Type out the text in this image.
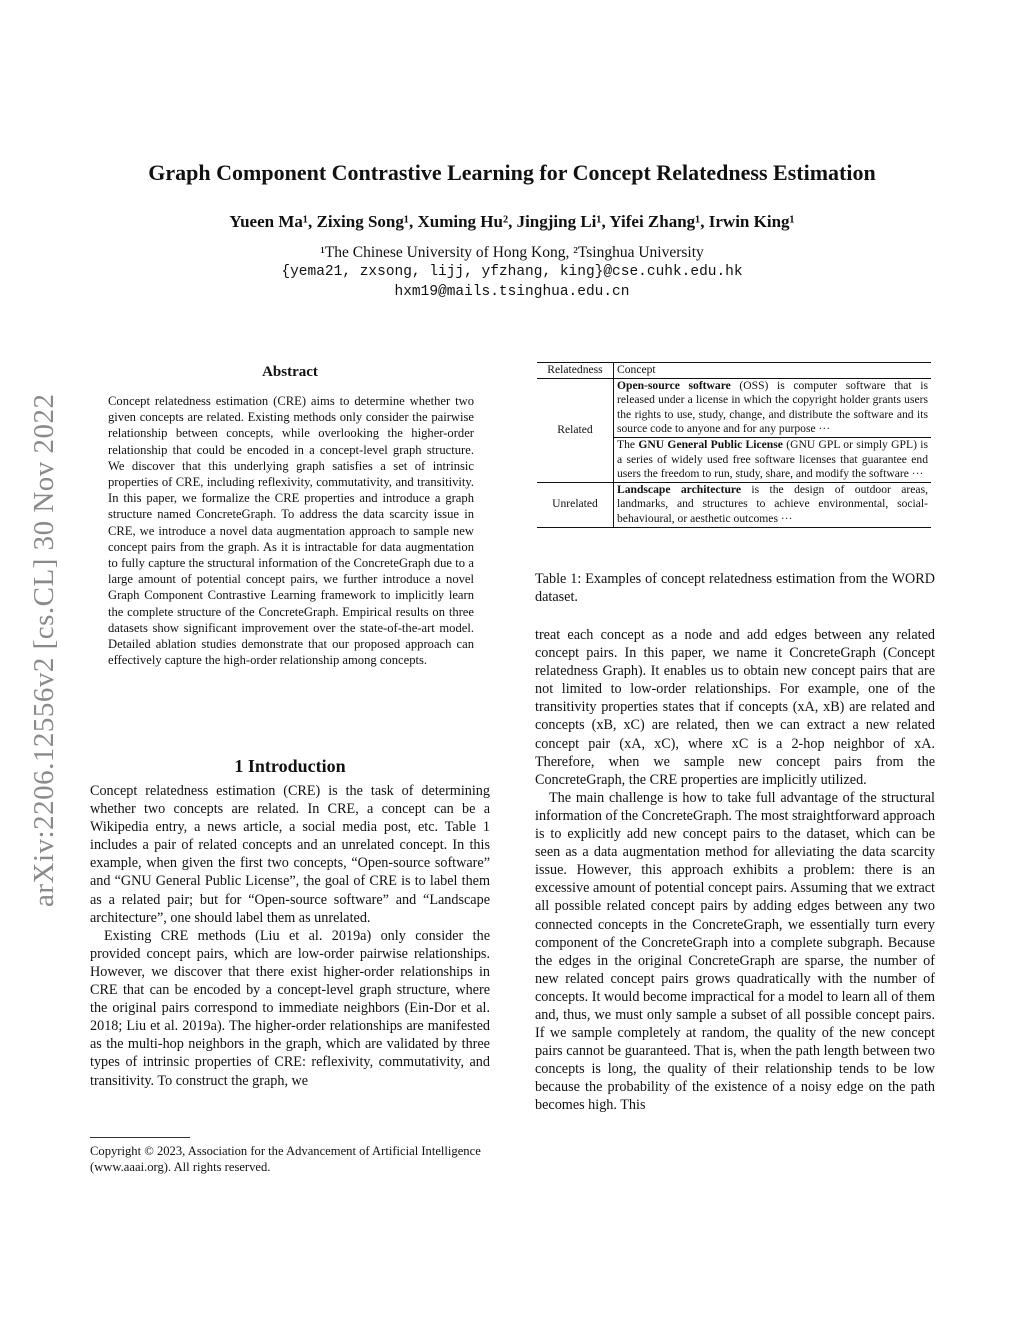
arXiv:2206.12556v2 [cs.CL] 30 Nov 2022
Graph Component Contrastive Learning for Concept Relatedness Estimation
Yueen Ma¹, Zixing Song¹, Xuming Hu², Jingjing Li¹, Yifei Zhang¹, Irwin King¹
¹The Chinese University of Hong Kong, ²Tsinghua University
{yema21, zxsong, lijj, yfzhang, king}@cse.cuhk.edu.hk
hxm19@mails.tsinghua.edu.cn
Abstract
Concept relatedness estimation (CRE) aims to determine whether two given concepts are related. Existing methods only consider the pairwise relationship between concepts, while overlooking the higher-order relationship that could be encoded in a concept-level graph structure. We discover that this underlying graph satisfies a set of intrinsic properties of CRE, including reflexivity, commutativity, and transitivity. In this paper, we formalize the CRE properties and introduce a graph structure named ConcreteGraph. To address the data scarcity issue in CRE, we introduce a novel data augmentation approach to sample new concept pairs from the graph. As it is intractable for data augmentation to fully capture the structural information of the ConcreteGraph due to a large amount of potential concept pairs, we further introduce a novel Graph Component Contrastive Learning framework to implicitly learn the complete structure of the ConcreteGraph. Empirical results on three datasets show significant improvement over the state-of-the-art model. Detailed ablation studies demonstrate that our proposed approach can effectively capture the high-order relationship among concepts.
1 Introduction

Concept relatedness estimation (CRE) is the task of determining whether two concepts are related. In CRE, a concept can be a Wikipedia entry, a news article, a social media post, etc. Table 1 includes a pair of related concepts and an unrelated concept. In this example, when given the first two concepts, “Open-source software” and “GNU General Public License”, the goal of CRE is to label them as a related pair; but for “Open-source software” and “Landscape architecture”, one should label them as unrelated.

Existing CRE methods (Liu et al. 2019a) only consider the provided concept pairs, which are low-order pairwise relationships. However, we discover that there exist higher-order relationships in CRE that can be encoded by a concept-level graph structure, where the original pairs correspond to immediate neighbors (Ein-Dor et al. 2018; Liu et al. 2019a). The higher-order relationships are manifested as the multi-hop neighbors in the graph, which are validated by three types of intrinsic properties of CRE: reflexivity, commutativity, and transitivity. To construct the graph, we

Copyright © 2023, Association for the Advancement of Artificial Intelligence (www.aaai.org). All rights reserved.
Relatedness	Concept
Related	Open-source software (OSS) is computer software that is released under a license in which the copyright holder grants users the rights to use, study, change, and distribute the software and its source code to anyone and for any purpose ···
	The GNU General Public License (GNU GPL or simply GPL) is a series of widely used free software licenses that guarantee end users the freedom to run, study, share, and modify the software ···
Unrelated	Landscape architecture is the design of outdoor areas, landmarks, and structures to achieve environmental, social-behavioural, or aesthetic outcomes ···
Table 1: Examples of concept relatedness estimation from the WORD dataset.

treat each concept as a node and add edges between any related concept pairs. In this paper, we name it ConcreteGraph (Concept relatedness Graph). It enables us to obtain new concept pairs that are not limited to low-order relationships. For example, one of the transitivity properties states that if concepts (xA, xB) are related and concepts (xB, xC) are related, then we can extract a new related concept pair (xA, xC), where xC is a 2-hop neighbor of xA. Therefore, when we sample new concept pairs from the ConcreteGraph, the CRE properties are implicitly utilized.

The main challenge is how to take full advantage of the structural information of the ConcreteGraph. The most straightforward approach is to explicitly add new concept pairs to the dataset, which can be seen as a data augmentation method for alleviating the data scarcity issue. However, this approach exhibits a problem: there is an excessive amount of potential concept pairs. Assuming that we extract all possible related concept pairs by adding edges between any two connected concepts in the ConcreteGraph, we essentially turn every component of the ConcreteGraph into a complete subgraph. Because the edges in the original ConcreteGraph are sparse, the number of new related concept pairs grows quadratically with the number of concepts. It would become impractical for a model to learn all of them and, thus, we must only sample a subset of all possible concept pairs. If we sample completely at random, the quality of the new concept pairs cannot be guaranteed. That is, when the path length between two concepts is long, the quality of their relationship tends to be low because the probability of the existence of a noisy edge on the path becomes high. This
